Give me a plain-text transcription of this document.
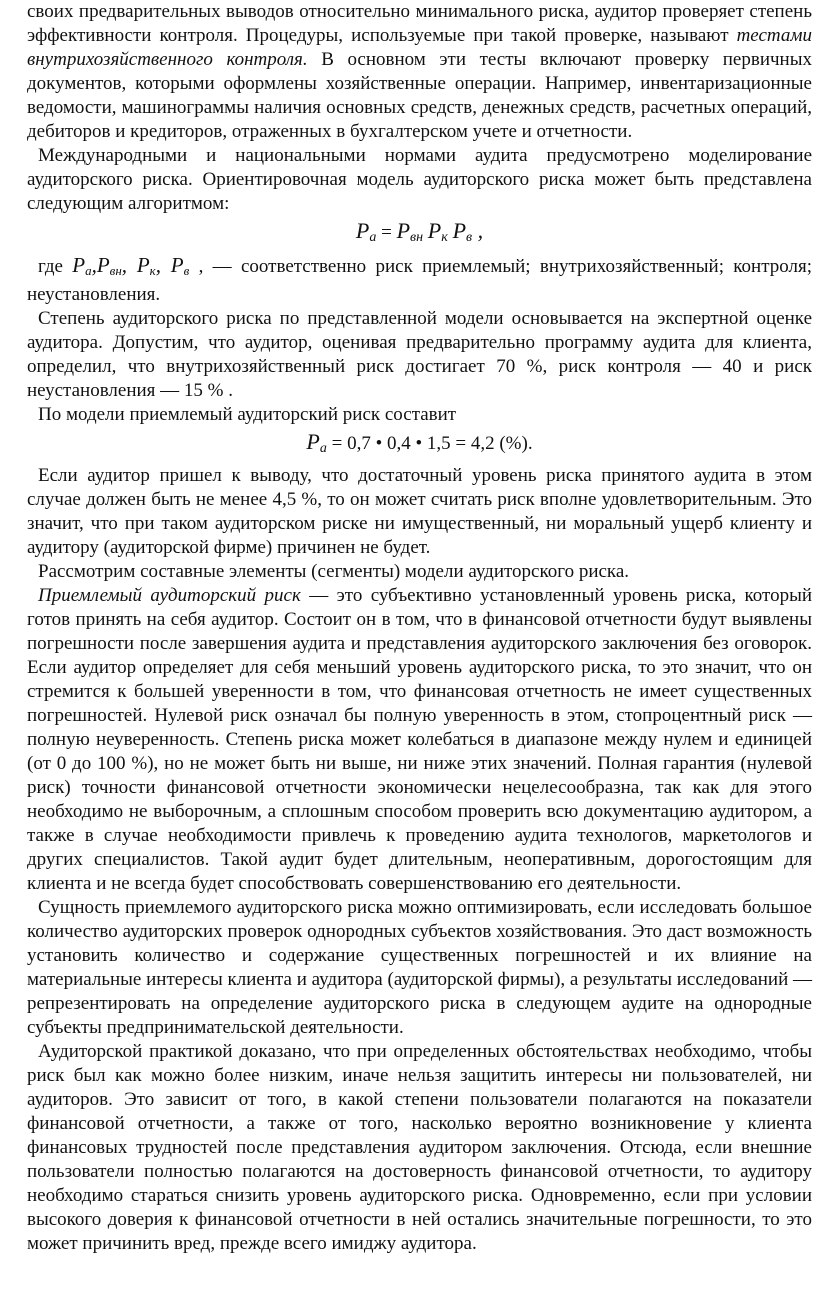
своих предварительных выводов относительно минимального риска, аудитор проверяет степень эффективности контроля. Процедуры, используемые при такой проверке, называют тестами внутрихозяйственного контроля. В основном эти тесты включают проверку первичных документов, которыми оформлены хозяйственные операции. Например, инвентаризационные ведомости, машинограммы наличия основных средств, денежных средств, расчетных операций, дебиторов и кредиторов, отраженных в бухгалтерском учете и отчетности.

Международными и национальными нормами аудита предусмотрено моделирование аудиторского риска. Ориентировочная модель аудиторского риска может быть представлена следующим алгоритмом:

$P_а = P_{вн}$ $P_к$ $P_в$ ,

где $P_а,P_{вн}$, $P_к$, $P_в$ , — соответственно риск приемлемый; внутрихозяйственный; контроля; неустановления.

Степень аудиторского риска по представленной модели основывается на экспертной оценке аудитора. Допустим, что аудитор, оценивая предварительно программу аудита для клиента, определил, что внутрихозяйственный риск достигает 70 %, риск контроля — 40 и риск неустановления — 15 % .

По модели приемлемый аудиторский риск составит

$P_а = 0,7$ • 0,4 • 1,5 = 4,2 (%).

Если аудитор пришел к выводу, что достаточный уровень риска принятого аудита в этом случае должен быть не менее 4,5 %, то он может считать риск вполне удовлетворительным. Это значит, что при таком аудиторском риске ни имущественный, ни моральный ущерб клиенту и аудитору (аудиторской фирме) причинен не будет.

Рассмотрим составные элементы (сегменты) модели аудиторского риска.

Приемлемый аудиторский риск — это субъективно установленный уровень риска, который готов принять на себя аудитор. Состоит он в том, что в финансовой отчетности будут выявлены погрешности после завершения аудита и представления аудиторского заключения без оговорок. Если аудитор определяет для себя меньший уровень аудиторского риска, то это значит, что он стремится к большей уверенности в том, что финансовая отчетность не имеет существенных погрешностей. Нулевой риск означал бы полную уверенность в этом, стопроцентный риск — полную неуверенность. Степень риска может колебаться в диапазоне между нулем и единицей (от 0 до 100 %), но не может быть ни выше, ни ниже этих значений. Полная гарантия (нулевой риск) точности финансовой отчетности экономически нецелесообразна, так как для этого необходимо не выборочным, а сплошным способом проверить всю документацию аудитором, а также в случае необходимости привлечь к проведению аудита технологов, маркетологов и других специалистов. Такой аудит будет длительным, неоперативным, дорогостоящим для клиента и не всегда будет способствовать совершенствованию его деятельности.

Сущность приемлемого аудиторского риска можно оптимизировать, если исследовать большое количество аудиторских проверок однородных субъектов хозяйствования. Это даст возможность установить количество и содержание существенных погрешностей и их влияние на материальные интересы клиента и аудитора (аудиторской фирмы), а результаты исследований — репрезентировать на определение аудиторского риска в следующем аудите на однородные субъекты предпринимательской деятельности.

Аудиторской практикой доказано, что при определенных обстоятельствах необходимо, чтобы риск был как можно более низким, иначе нельзя защитить интересы ни пользователей, ни аудиторов. Это зависит от того, в какой степени пользователи полагаются на показатели финансовой отчетности, а также от того, насколько вероятно возникновение у клиента финансовых трудностей после представления аудитором заключения. Отсюда, если внешние пользователи полностью полагаются на достоверность финансовой отчетности, то аудитору необходимо стараться снизить уровень аудиторского риска. Одновременно, если при условии высокого доверия к финансовой отчетности в ней остались значительные погрешности, то это может причинить вред, прежде всего имиджу аудитора.
